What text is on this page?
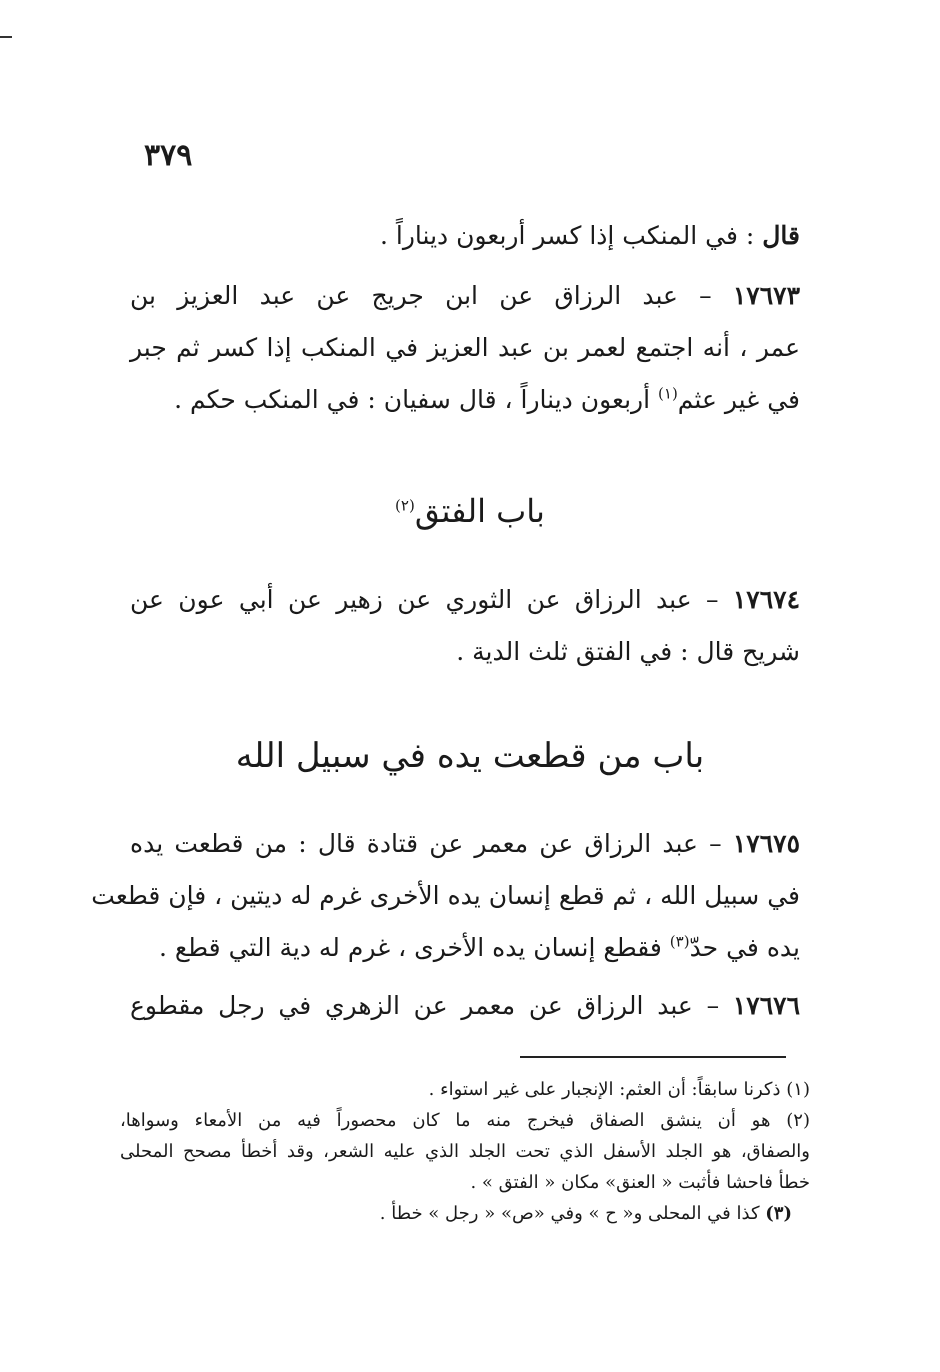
٣٧٩
قال : في المنكب إذا كسر أربعون ديناراً .
١٧٦٧٣ – عبد الرزاق عن ابن جريج عن عبد العزيز بن
عمر ، أنه اجتمع لعمر بن عبد العزيز في المنكب إذا كسر ثم جبر
في غير عثم$^{(١)}$ أربعون ديناراً ، قال سفيان : في المنكب حكم .
باب الفتق$^{(٢)}$
١٧٦٧٤ – عبد الرزاق عن الثوري عن زهير عن أبي عون عن
شريح قال : في الفتق ثلث الدية .
باب من قطعت يده في سبيل الله
١٧٦٧٥ – عبد الرزاق عن معمر عن قتادة قال : من قطعت يده
في سبيل الله ، ثم قطع إنسان يده الأخرى غرم له ديتين ، فإن قطعت
يده في حدّ$^{(٣)}$ فقطع إنسان يده الأخرى ، غرم له دية التي قطع .
١٧٦٧٦ – عبد الرزاق عن معمر عن الزهري في رجل مقطوع
(١) ذكرنا سابقاً: أن العثم: الإنجبار على غير استواء .
(٢) هو أن ينشق الصفاق فيخرج منه ما كان محصوراً فيه من الأمعاء وسواها،
والصفاق، هو الجلد الأسفل الذي تحت الجلد الذي عليه الشعر، وقد أخطأ مصحح المحلى
خطأ فاحشا فأثبت « العنق» مكان « الفتق » .
(٣) كذا في المحلى و« ح » وفي «ص» « رجل » خطأ .
